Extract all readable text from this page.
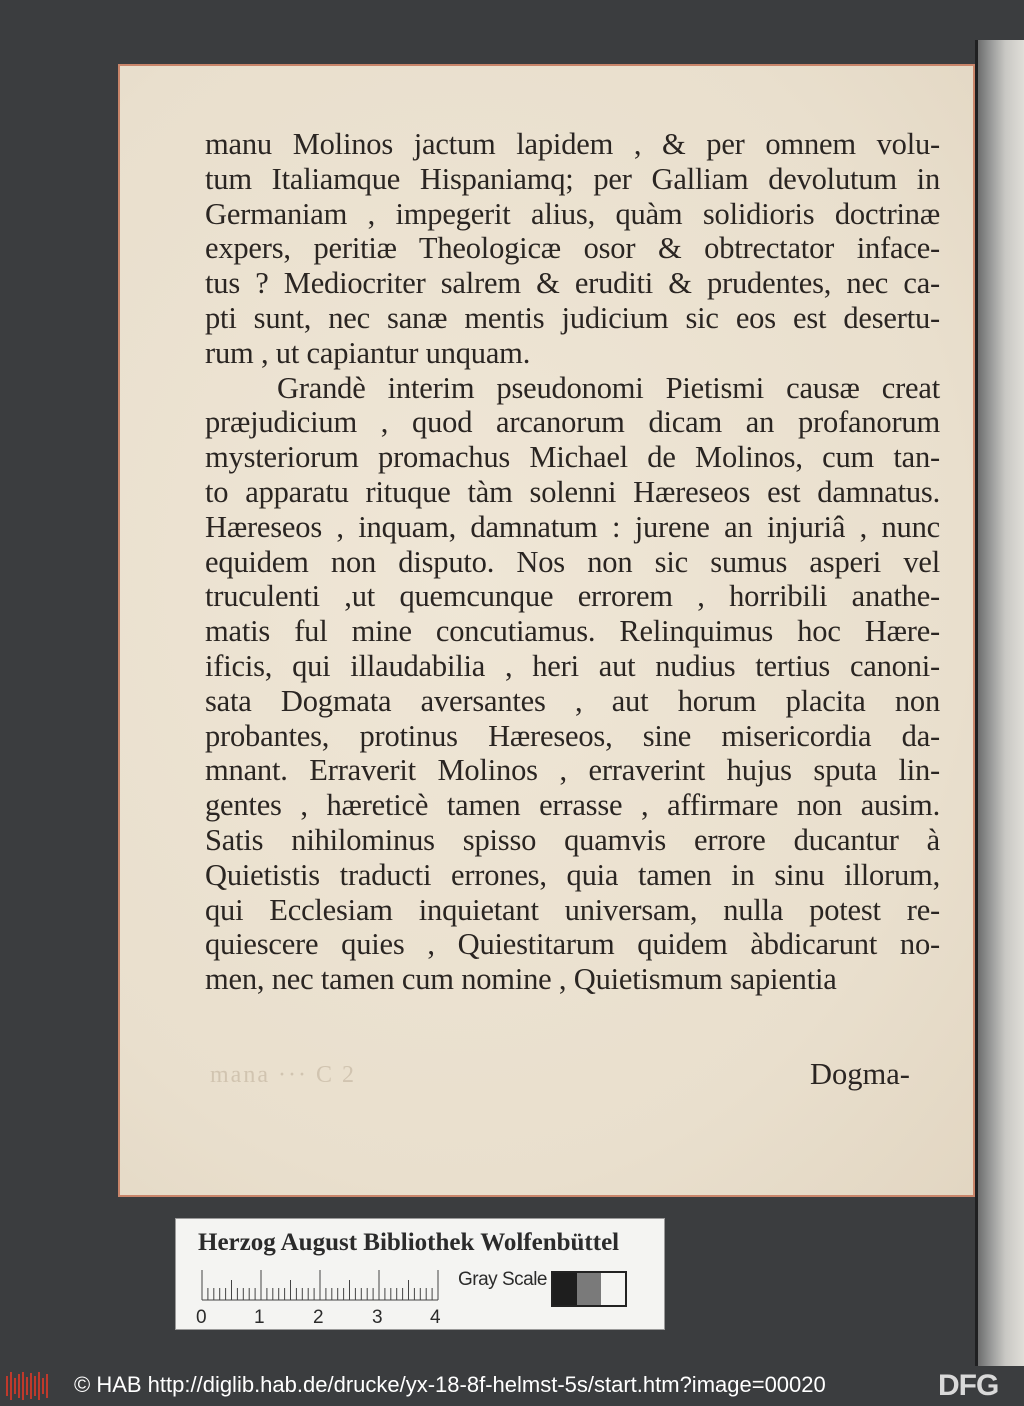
manu Molinos jactum lapidem , & per omnem volu-
tum Italiamque Hispaniamq; per Galliam devolutum in
Germaniam , impegerit alius, quàm solidioris doctrinæ
expers, peritiæ Theologicæ osor & obtrectator inface-
tus ? Mediocriter salrem & eruditi & prudentes, nec ca-
pti sunt, nec sanæ mentis judicium sic eos est desertu-
rum , ut capiantur unquam.
Grandè interim pseudonomi Pietismi causæ creat
præjudicium , quod arcanorum dicam an profanorum
mysteriorum promachus Michael de Molinos, cum tan-
to apparatu rituque tàm solenni Hæreseos est damnatus.
Hæreseos , inquam, damnatum : jurene an injuriâ , nunc
equidem non disputo. Nos non sic sumus asperi vel
truculenti ,ut quemcunque errorem , horribili anathe-
matis ful mine concutiamus. Relinquimus hoc Hære-
ificis, qui illaudabilia , heri aut nudius tertius canoni-
sata Dogmata aversantes , aut horum placita non
probantes, protinus Hæreseos, sine misericordia da-
mnant. Erraverit Molinos , erraverint hujus sputa lin-
gentes , hæreticè tamen errasse , affirmare non ausim.
Satis nihilominus spisso quamvis errore ducantur à
Quietistis traducti errones, quia tamen in sinu illorum,
qui Ecclesiam inquietant universam, nulla potest re-
quiescere quies , Quiestitarum quidem àbdicarunt no-
men, nec tamen cum nomine , Quietismum sapientia
mana ··· C 2	Dogma-
Herzog August Bibliothek Wolfenbüttel
Gray Scale
0 1	2	3 4
© HAB http://diglib.hab.de/drucke/yx-18-8f-helmst-5s/start.htm?image=00020	DFG
